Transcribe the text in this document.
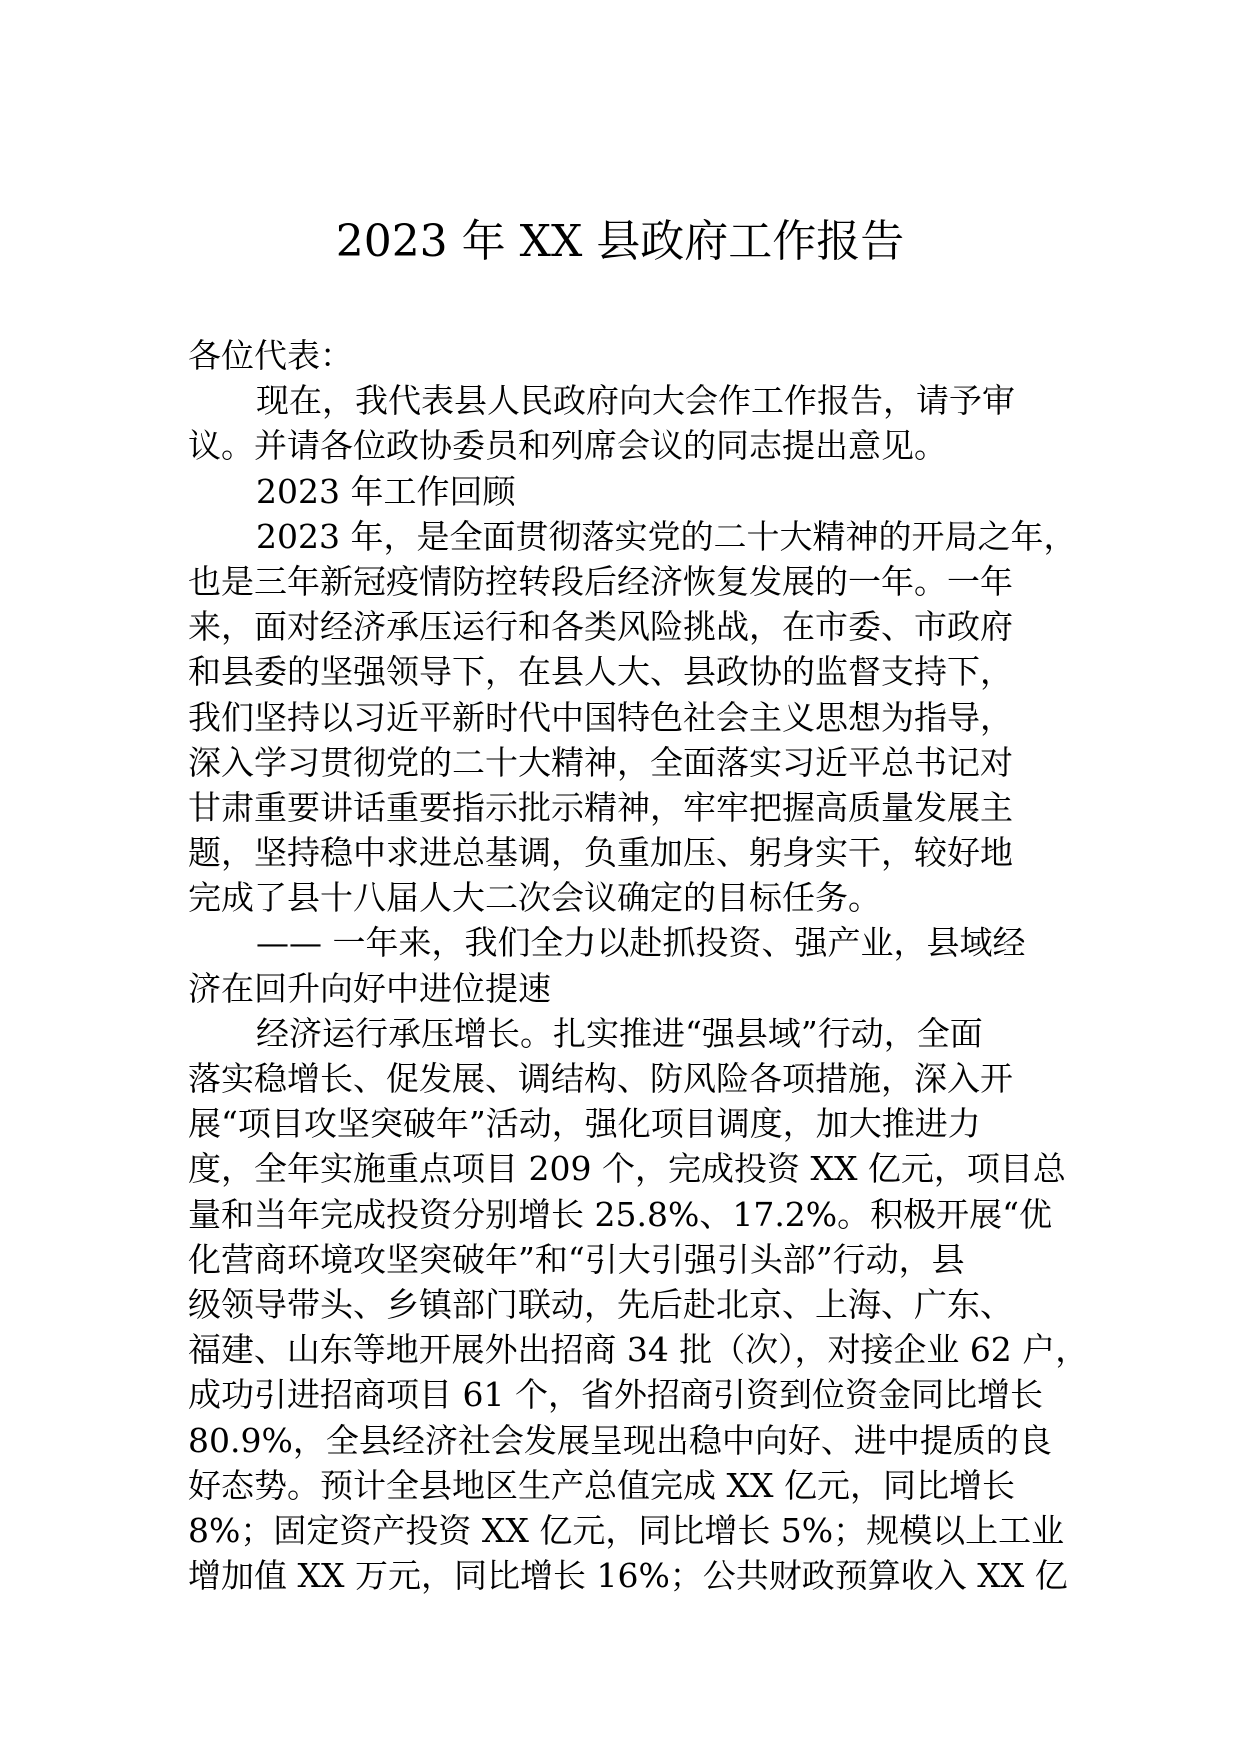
2023 年 XX 县政府工作报告
各位代表：
现在，我代表县人民政府向大会作工作报告，请予审
议。并请各位政协委员和列席会议的同志提出意见。
2023 年工作回顾
2023 年，是全面贯彻落实党的二十大精神的开局之年，
也是三年新冠疫情防控转段后经济恢复发展的一年。一年
来，面对经济承压运行和各类风险挑战，在市委、市政府
和县委的坚强领导下，在县人大、县政协的监督支持下，
我们坚持以习近平新时代中国特色社会主义思想为指导，
深入学习贯彻党的二十大精神，全面落实习近平总书记对
甘肃重要讲话重要指示批示精神，牢牢把握高质量发展主
题，坚持稳中求进总基调，负重加压、躬身实干，较好地
完成了县十八届人大二次会议确定的目标任务。
—— 一年来，我们全力以赴抓投资、强产业，县域经
济在回升向好中进位提速
经济运行承压增长。扎实推进“强县域”行动，全面
落实稳增长、促发展、调结构、防风险各项措施，深入开
展“项目攻坚突破年”活动，强化项目调度，加大推进力
度，全年实施重点项目 209 个，完成投资 XX 亿元，项目总
量和当年完成投资分别增长 25.8%、17.2%。积极开展“优
化营商环境攻坚突破年”和“引大引强引头部”行动，县
级领导带头、乡镇部门联动，先后赴北京、上海、广东、
福建、山东等地开展外出招商 34 批（次），对接企业 62 户，
成功引进招商项目 61 个，省外招商引资到位资金同比增长
80.9%，全县经济社会发展呈现出稳中向好、进中提质的良
好态势。预计全县地区生产总值完成 XX 亿元，同比增长
8%；固定资产投资 XX 亿元，同比增长 5%；规模以上工业
增加值 XX 万元，同比增长 16%；公共财政预算收入 XX 亿
